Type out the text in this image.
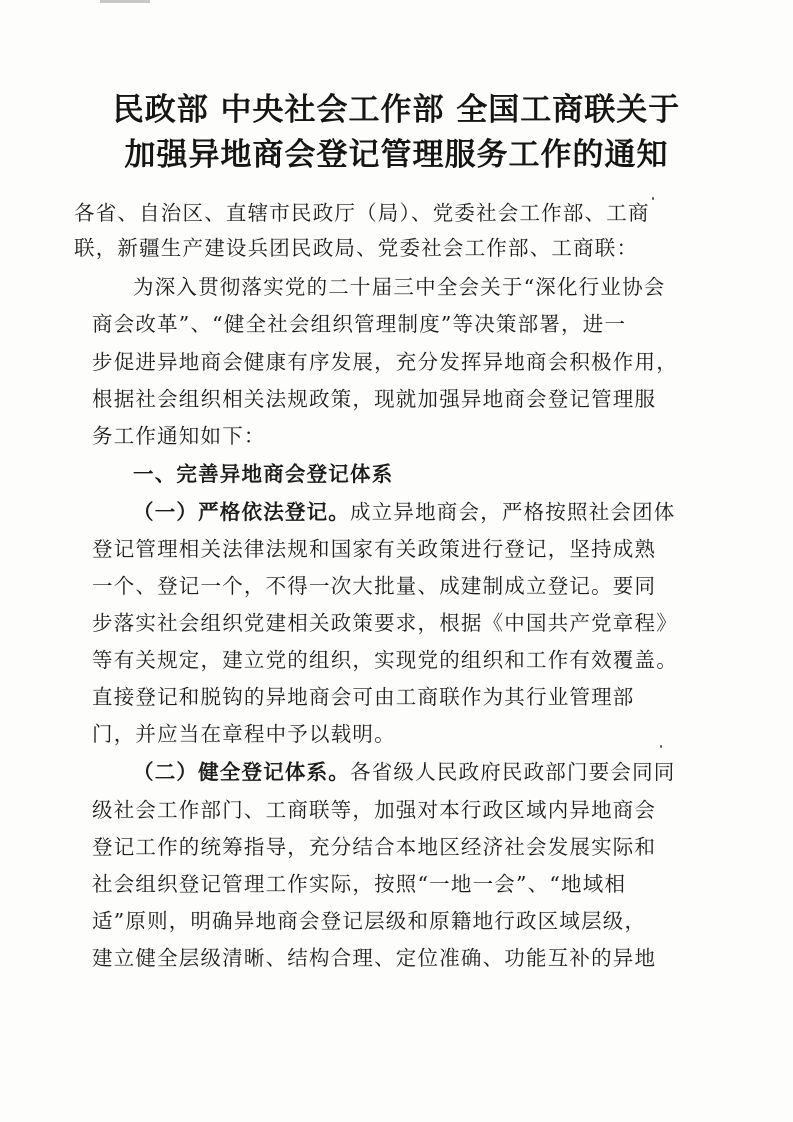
民政部 中央社会工作部 全国工商联关于
加强异地商会登记管理服务工作的通知

各省、自治区、直辖市民政厅（局）、党委社会工作部、工商

联，新疆生产建设兵团民政局、党委社会工作部、工商联：

为深入贯彻落实党的二十届三中全会关于“深化行业协会

商会改革”、“健全社会组织管理制度”等决策部署，进一

步促进异地商会健康有序发展，充分发挥异地商会积极作用，

根据社会组织相关法规政策，现就加强异地商会登记管理服

务工作通知如下：

一、完善异地商会登记体系

（一）严格依法登记。成立异地商会，严格按照社会团体

登记管理相关法律法规和国家有关政策进行登记，坚持成熟

一个、登记一个，不得一次大批量、成建制成立登记。要同

步落实社会组织党建相关政策要求，根据《中国共产党章程》

等有关规定，建立党的组织，实现党的组织和工作有效覆盖。

直接登记和脱钩的异地商会可由工商联作为其行业管理部

门，并应当在章程中予以载明。

（二）健全登记体系。各省级人民政府民政部门要会同同

级社会工作部门、工商联等，加强对本行政区域内异地商会

登记工作的统筹指导，充分结合本地区经济社会发展实际和

社会组织登记管理工作实际，按照“一地一会”、“地域相

适”原则，明确异地商会登记层级和原籍地行政区域层级，

建立健全层级清晰、结构合理、定位准确、功能互补的异地
